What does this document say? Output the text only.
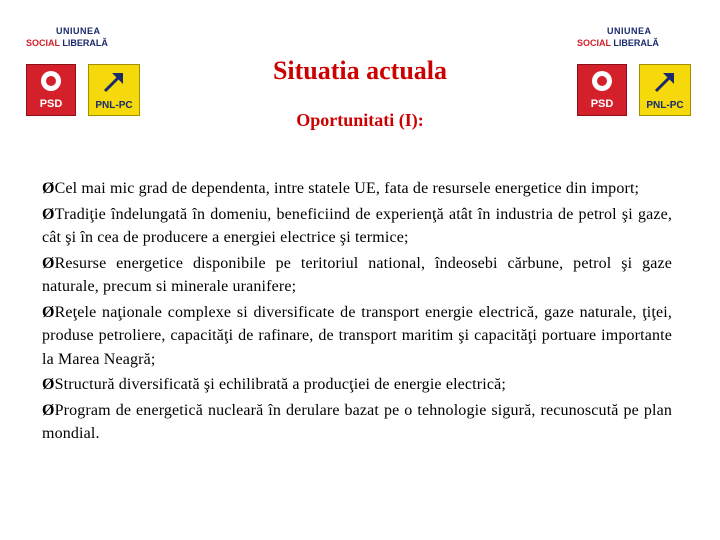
UNIUNEA
SOCIAL LIBERALĂ
PSD	PNL-PC
UNIUNEA
SOCIAL LIBERALĂ
PSD	PNL-PC
Situatia actuala
Oportunitati (I):
ØCel mai mic grad de dependenta, intre statele UE, fata de resursele energetice din import;
ØTradiţie îndelungată în domeniu, beneficiind de experienţă atât în industria de petrol şi gaze, cât şi în cea de producere a energiei electrice şi termice;
ØResurse energetice disponibile pe teritoriul national, îndeosebi cărbune, petrol şi gaze naturale, precum si minerale uranifere;
ØReţele naţionale complexe si diversificate de transport energie electrică, gaze naturale, ţiţei, produse petroliere, capacităţi de rafinare, de transport maritim şi capacităţi portuare importante la Marea Neagră;
ØStructură diversificată şi echilibrată a producţiei de energie electrică;
ØProgram de energetică nucleară în derulare bazat pe o tehnologie sigură, recunoscută pe plan mondial.
